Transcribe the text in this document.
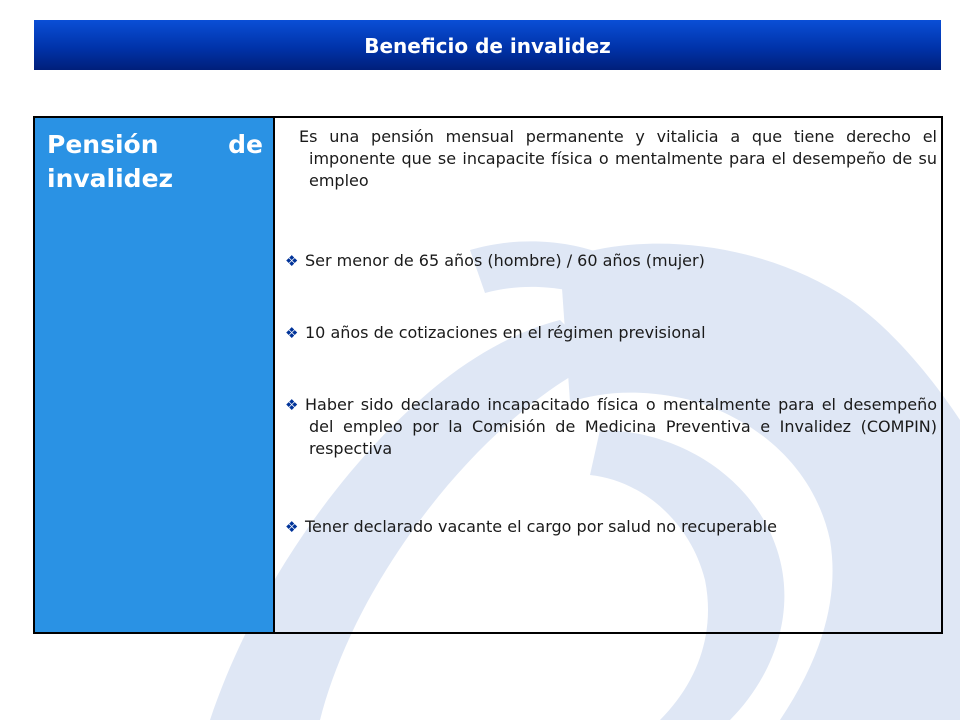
Beneficio de invalidez
Pensión de invalidez
Es una pensión mensual permanente y vitalicia a que tiene derecho el imponente que se incapacite física o mentalmente para el desempeño de su empleo
❖ Ser menor de 65 años (hombre) / 60 años (mujer)
❖ 10 años de cotizaciones en el régimen previsional
❖ Haber sido declarado incapacitado física o mentalmente para el desempeño del empleo por la Comisión de Medicina Preventiva e Invalidez (COMPIN) respectiva
❖ Tener declarado vacante el cargo por salud no recuperable
